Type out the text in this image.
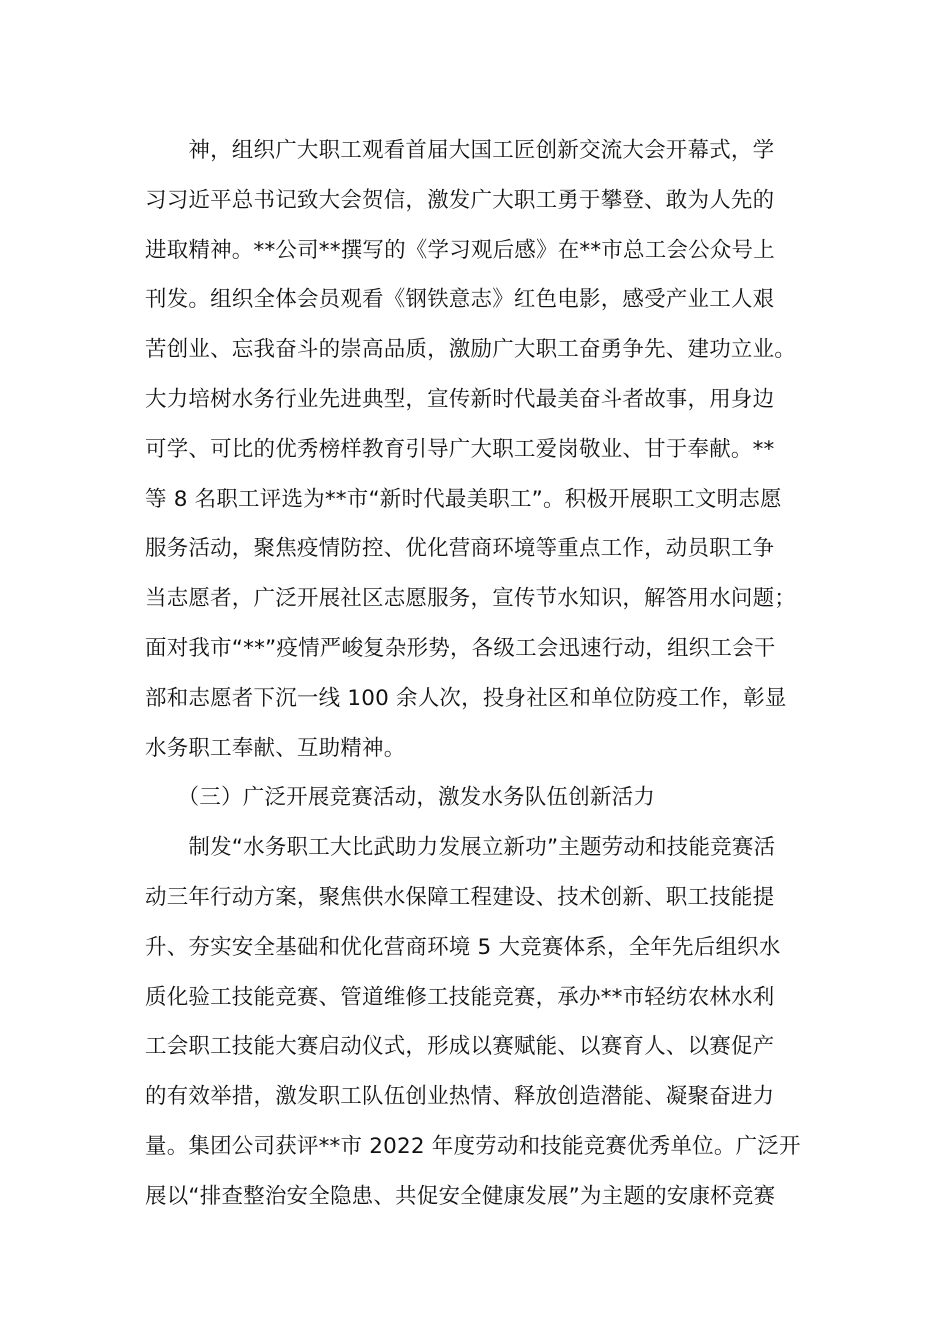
　　神，组织广大职工观看首届大国工匠创新交流大会开幕式，学
习习近平总书记致大会贺信，激发广大职工勇于攀登、敢为人先的
进取精神。**公司**撰写的《学习观后感》在**市总工会公众号上
刊发。组织全体会员观看《钢铁意志》红色电影，感受产业工人艰
苦创业、忘我奋斗的崇高品质，激励广大职工奋勇争先、建功立业。
大力培树水务行业先进典型，宣传新时代最美奋斗者故事，用身边
可学、可比的优秀榜样教育引导广大职工爱岗敬业、甘于奉献。**
等 8 名职工评选为**市“新时代最美职工”。积极开展职工文明志愿
服务活动，聚焦疫情防控、优化营商环境等重点工作，动员职工争
当志愿者，广泛开展社区志愿服务，宣传节水知识，解答用水问题；
面对我市“**”疫情严峻复杂形势，各级工会迅速行动，组织工会干
部和志愿者下沉一线 100 余人次，投身社区和单位防疫工作，彰显
水务职工奉献、互助精神。
　　（三）广泛开展竞赛活动，激发水务队伍创新活力
　　制发“水务职工大比武助力发展立新功”主题劳动和技能竞赛活
动三年行动方案，聚焦供水保障工程建设、技术创新、职工技能提
升、夯实安全基础和优化营商环境 5 大竞赛体系，全年先后组织水
质化验工技能竞赛、管道维修工技能竞赛，承办**市轻纺农林水利
工会职工技能大赛启动仪式，形成以赛赋能、以赛育人、以赛促产
的有效举措，激发职工队伍创业热情、释放创造潜能、凝聚奋进力
量。集团公司获评**市 2022 年度劳动和技能竞赛优秀单位。广泛开
展以“排查整治安全隐患、共促安全健康发展”为主题的安康杯竞赛
